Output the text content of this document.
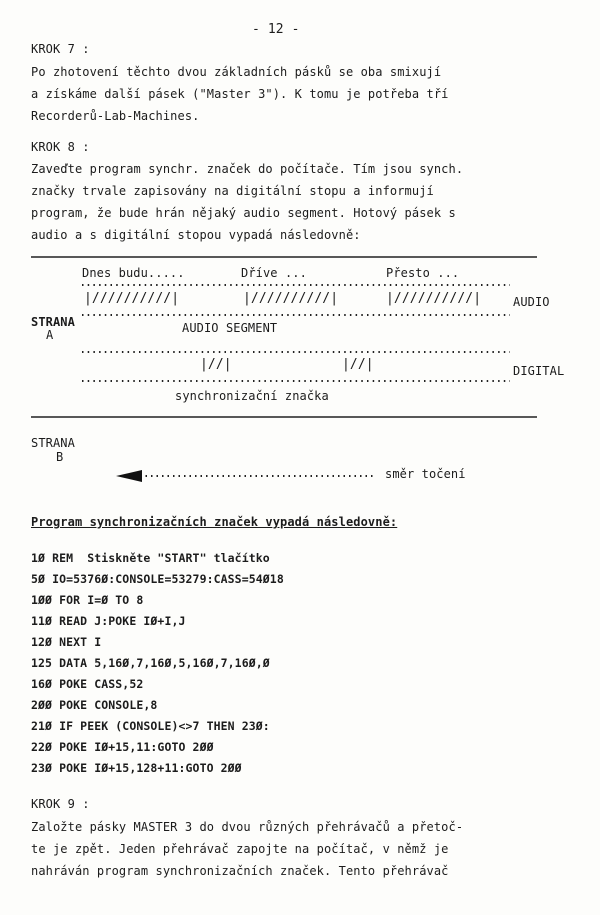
- 12 -
KROK 7 :
Po zhotovení těchto dvou základních pásků se oba smixují
a získáme další pásek ("Master 3"). K tomu je potřeba tří
Recorderů-Lab-Machines.
KROK 8 :
Zaveďte program synchr. značek do počítače. Tím jsou synch.
značky trvale zapisovány na digitální stopu a informují
program, že bude hrán nějaký audio segment. Hotový pásek s
audio a s digitální stopou vypadá následovně:
Dnes budu.....	Dříve ...	Přesto ...
|//////////|	|//////////|	|//////////|	AUDIO
STRANA
A	AUDIO SEGMENT
|//|	|//|	DIGITAL
synchronizační značka
STRANA
B
směr točení
Program synchronizačních značek vypadá následovně:
1Ø REM  Stiskněte "START" tlačítko
5Ø IO=5376Ø:CONSOLE=53279:CASS=54Ø18
1ØØ FOR I=Ø TO 8
11Ø READ J:POKE IØ+I,J
12Ø NEXT I
125 DATA 5,16Ø,7,16Ø,5,16Ø,7,16Ø,Ø
16Ø POKE CASS,52
2ØØ POKE CONSOLE,8
21Ø IF PEEK (CONSOLE)<>7 THEN 23Ø:
22Ø POKE IØ+15,11:GOTO 2ØØ
23Ø POKE IØ+15,128+11:GOTO 2ØØ
KROK 9 :
Založte pásky MASTER 3 do dvou různých přehrávačů a přetoč-
te je zpět. Jeden přehrávač zapojte na počítač, v němž je
nahráván program synchronizačních značek. Tento přehrávač
